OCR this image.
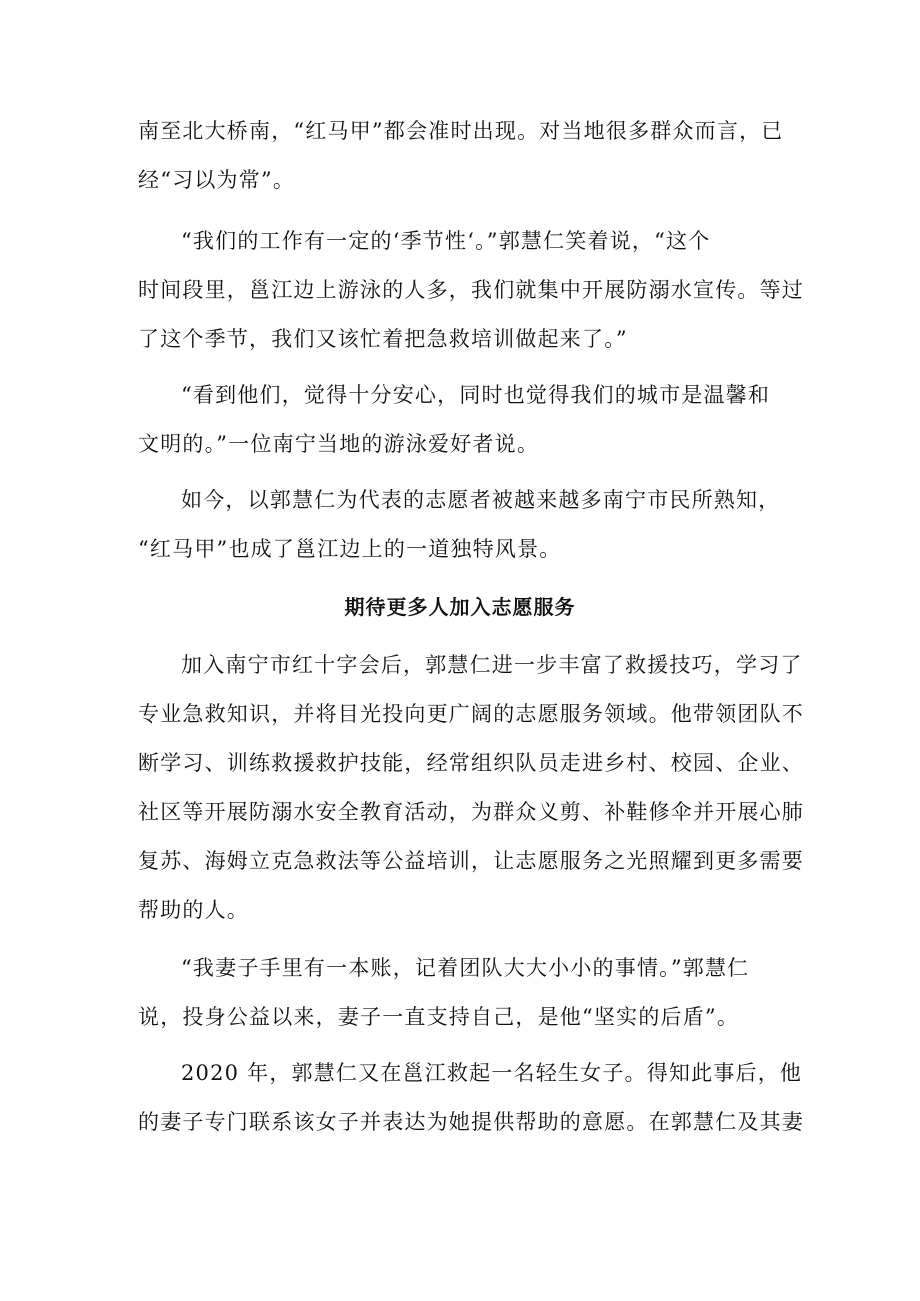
南至北大桥南，“红马甲”都会准时出现。对当地很多群众而言，已
经“习以为常”。
“我们的工作有一定的‘季节性‘。”郭慧仁笑着说，“这个
时间段里，邕江边上游泳的人多，我们就集中开展防溺水宣传。等过
了这个季节，我们又该忙着把急救培训做起来了。”
“看到他们，觉得十分安心，同时也觉得我们的城市是温馨和
文明的。”一位南宁当地的游泳爱好者说。
如今，以郭慧仁为代表的志愿者被越来越多南宁市民所熟知，
“红马甲”也成了邕江边上的一道独特风景。
期待更多人加入志愿服务
加入南宁市红十字会后，郭慧仁进一步丰富了救援技巧，学习了
专业急救知识，并将目光投向更广阔的志愿服务领域。他带领团队不
断学习、训练救援救护技能，经常组织队员走进乡村、校园、企业、
社区等开展防溺水安全教育活动，为群众义剪、补鞋修伞并开展心肺
复苏、海姆立克急救法等公益培训，让志愿服务之光照耀到更多需要
帮助的人。
“我妻子手里有一本账，记着团队大大小小的事情。”郭慧仁
说，投身公益以来，妻子一直支持自己，是他“坚实的后盾”。
2020 年，郭慧仁又在邕江救起一名轻生女子。得知此事后，他
的妻子专门联系该女子并表达为她提供帮助的意愿。在郭慧仁及其妻
